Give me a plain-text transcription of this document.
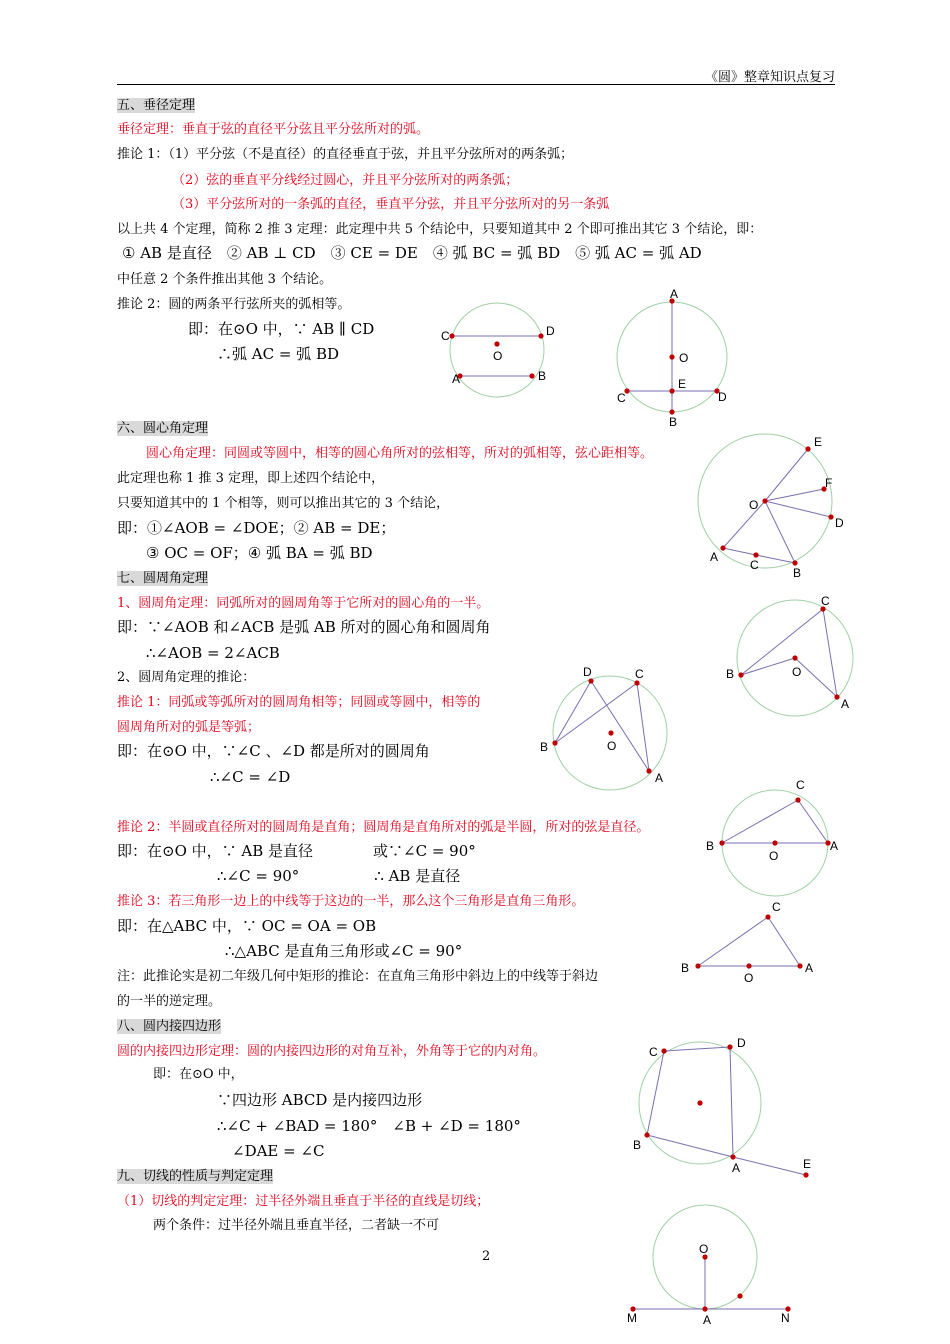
《圆》整章知识点复习
五、垂径定理
垂径定理：垂直于弦的直径平分弦且平分弦所对的弧。
推论 1：（1）平分弦（不是直径）的直径垂直于弦，并且平分弦所对的两条弧；
（2）弦的垂直平分线经过圆心，并且平分弦所对的两条弧；
（3）平分弦所对的一条弧的直径，垂直平分弦，并且平分弦所对的另一条弧
以上共 4 个定理，简称 2 推 3 定理：此定理中共 5 个结论中，只要知道其中 2 个即可推出其它 3 个结论，即：
① AB 是直径　② AB ⊥ CD　③ CE = DE　④ 弧 BC = 弧 BD　⑤ 弧 AC = 弧 AD
中任意 2 个条件推出其他 3 个结论。
推论 2：圆的两条平行弦所夹的弧相等。
即：在⊙O 中，∵ AB ∥ CD
∴弧 AC = 弧 BD
六、圆心角定理
圆心角定理：同圆或等圆中，相等的圆心角所对的弦相等，所对的弧相等，弦心距相等。
此定理也称 1 推 3 定理，即上述四个结论中，
只要知道其中的 1 个相等，则可以推出其它的 3 个结论，
即：①∠AOB = ∠DOE；② AB = DE；
③ OC = OF；④ 弧 BA = 弧 BD
七、圆周角定理
1、圆周角定理：同弧所对的圆周角等于它所对的圆心角的一半。
即：∵∠AOB 和∠ACB 是弧 AB 所对的圆心角和圆周角
∴∠AOB = 2∠ACB
2、圆周角定理的推论：
推论 1：同弧或等弧所对的圆周角相等；同圆或等圆中，相等的
圆周角所对的弧是等弧；
即：在⊙O 中，∵∠C 、∠D 都是所对的圆周角
∴∠C = ∠D
推论 2：半圆或直径所对的圆周角是直角；圆周角是直角所对的弧是半圆，所对的弦是直径。
即：在⊙O 中，∵ AB 是直径　　　　或∵∠C = 90°
∴∠C = 90°　　　　　∴ AB 是直径
推论 3：若三角形一边上的中线等于这边的一半，那么这个三角形是直角三角形。
即：在△ABC 中，∵ OC = OA = OB
∴△ABC 是直角三角形或∠C = 90°
注：此推论实是初二年级几何中矩形的推论：在直角三角形中斜边上的中线等于斜边
的一半的逆定理。
八、圆内接四边形
圆的内接四边形定理：圆的内接四边形的对角互补，外角等于它的内对角。
即：在⊙O 中，
∵四边形 ABCD 是内接四边形
∴∠C + ∠BAD = 180°　∠B + ∠D = 180°
∠DAE = ∠C
九、切线的性质与判定定理
（1）切线的判定定理：过半径外端且垂直于半径的直线是切线；
两个条件：过半径外端且垂直半径，二者缺一不可
2
C	D
O
A	B
A
O
E
C	D
B
E
F
O
D
A
C
B
C
B	O
A
D	C
B	O
A	C
B
O
A
C
B
O
A
C
D
B
A	E
O
M	A	N
